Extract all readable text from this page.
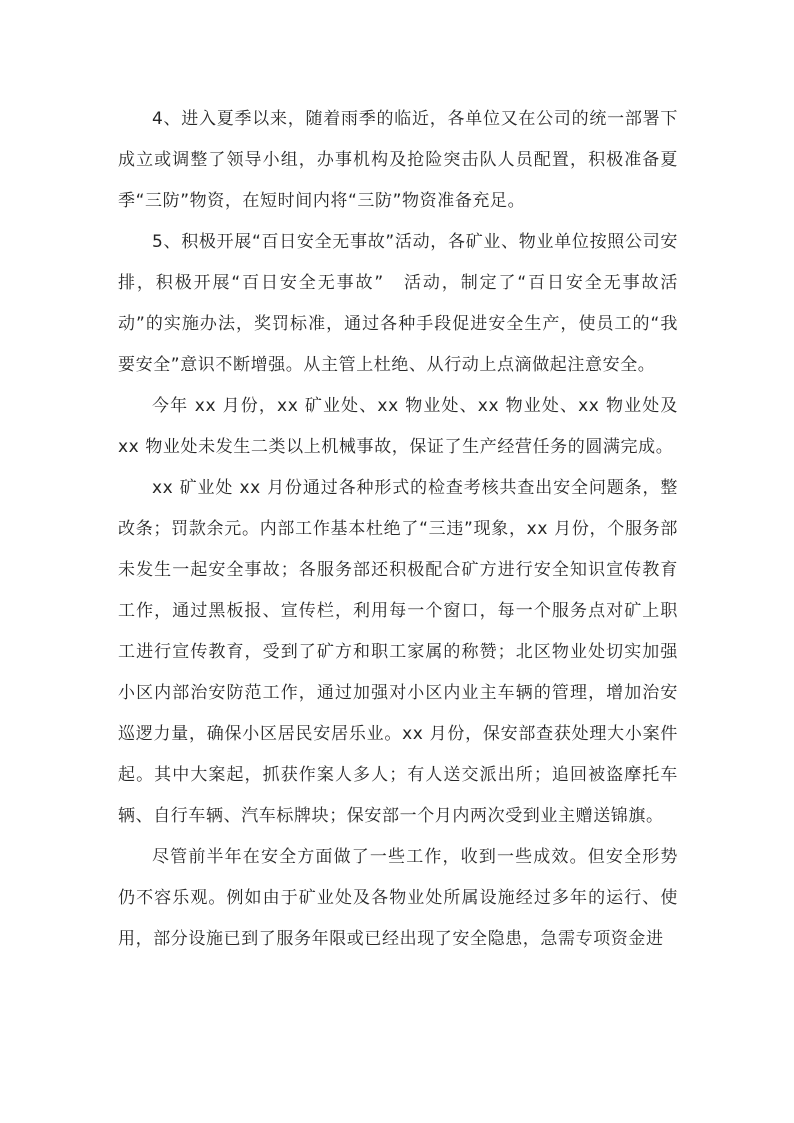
4、进入夏季以来，随着雨季的临近，各单位又在公司的统一部署下成立或调整了领导小组，办事机构及抢险突击队人员配置，积极准备夏季“三防”物资，在短时间内将“三防”物资准备充足。

5、积极开展“百日安全无事故”活动，各矿业、物业单位按照公司安排，积极开展“百日安全无事故”　活动，制定了“百日安全无事故活动”的实施办法，奖罚标准，通过各种手段促进安全生产，使员工的“我要安全”意识不断增强。从主管上杜绝、从行动上点滴做起注意安全。

今年 xx 月份，xx 矿业处、xx 物业处、xx 物业处、xx 物业处及 xx 物业处未发生二类以上机械事故，保证了生产经营任务的圆满完成。

xx 矿业处 xx 月份通过各种形式的检查考核共查出安全问题条，整改条；罚款余元。内部工作基本杜绝了“三违”现象，xx 月份，个服务部未发生一起安全事故；各服务部还积极配合矿方进行安全知识宣传教育工作，通过黑板报、宣传栏，利用每一个窗口，每一个服务点对矿上职工进行宣传教育，受到了矿方和职工家属的称赞；北区物业处切实加强小区内部治安防范工作，通过加强对小区内业主车辆的管理，增加治安巡逻力量，确保小区居民安居乐业。xx 月份，保安部查获处理大小案件起。其中大案起，抓获作案人多人；有人送交派出所；追回被盗摩托车辆、自行车辆、汽车标牌块；保安部一个月内两次受到业主赠送锦旗。

尽管前半年在安全方面做了一些工作，收到一些成效。但安全形势仍不容乐观。例如由于矿业处及各物业处所属设施经过多年的运行、使用，部分设施已到了服务年限或已经出现了安全隐患，急需专项资金进
